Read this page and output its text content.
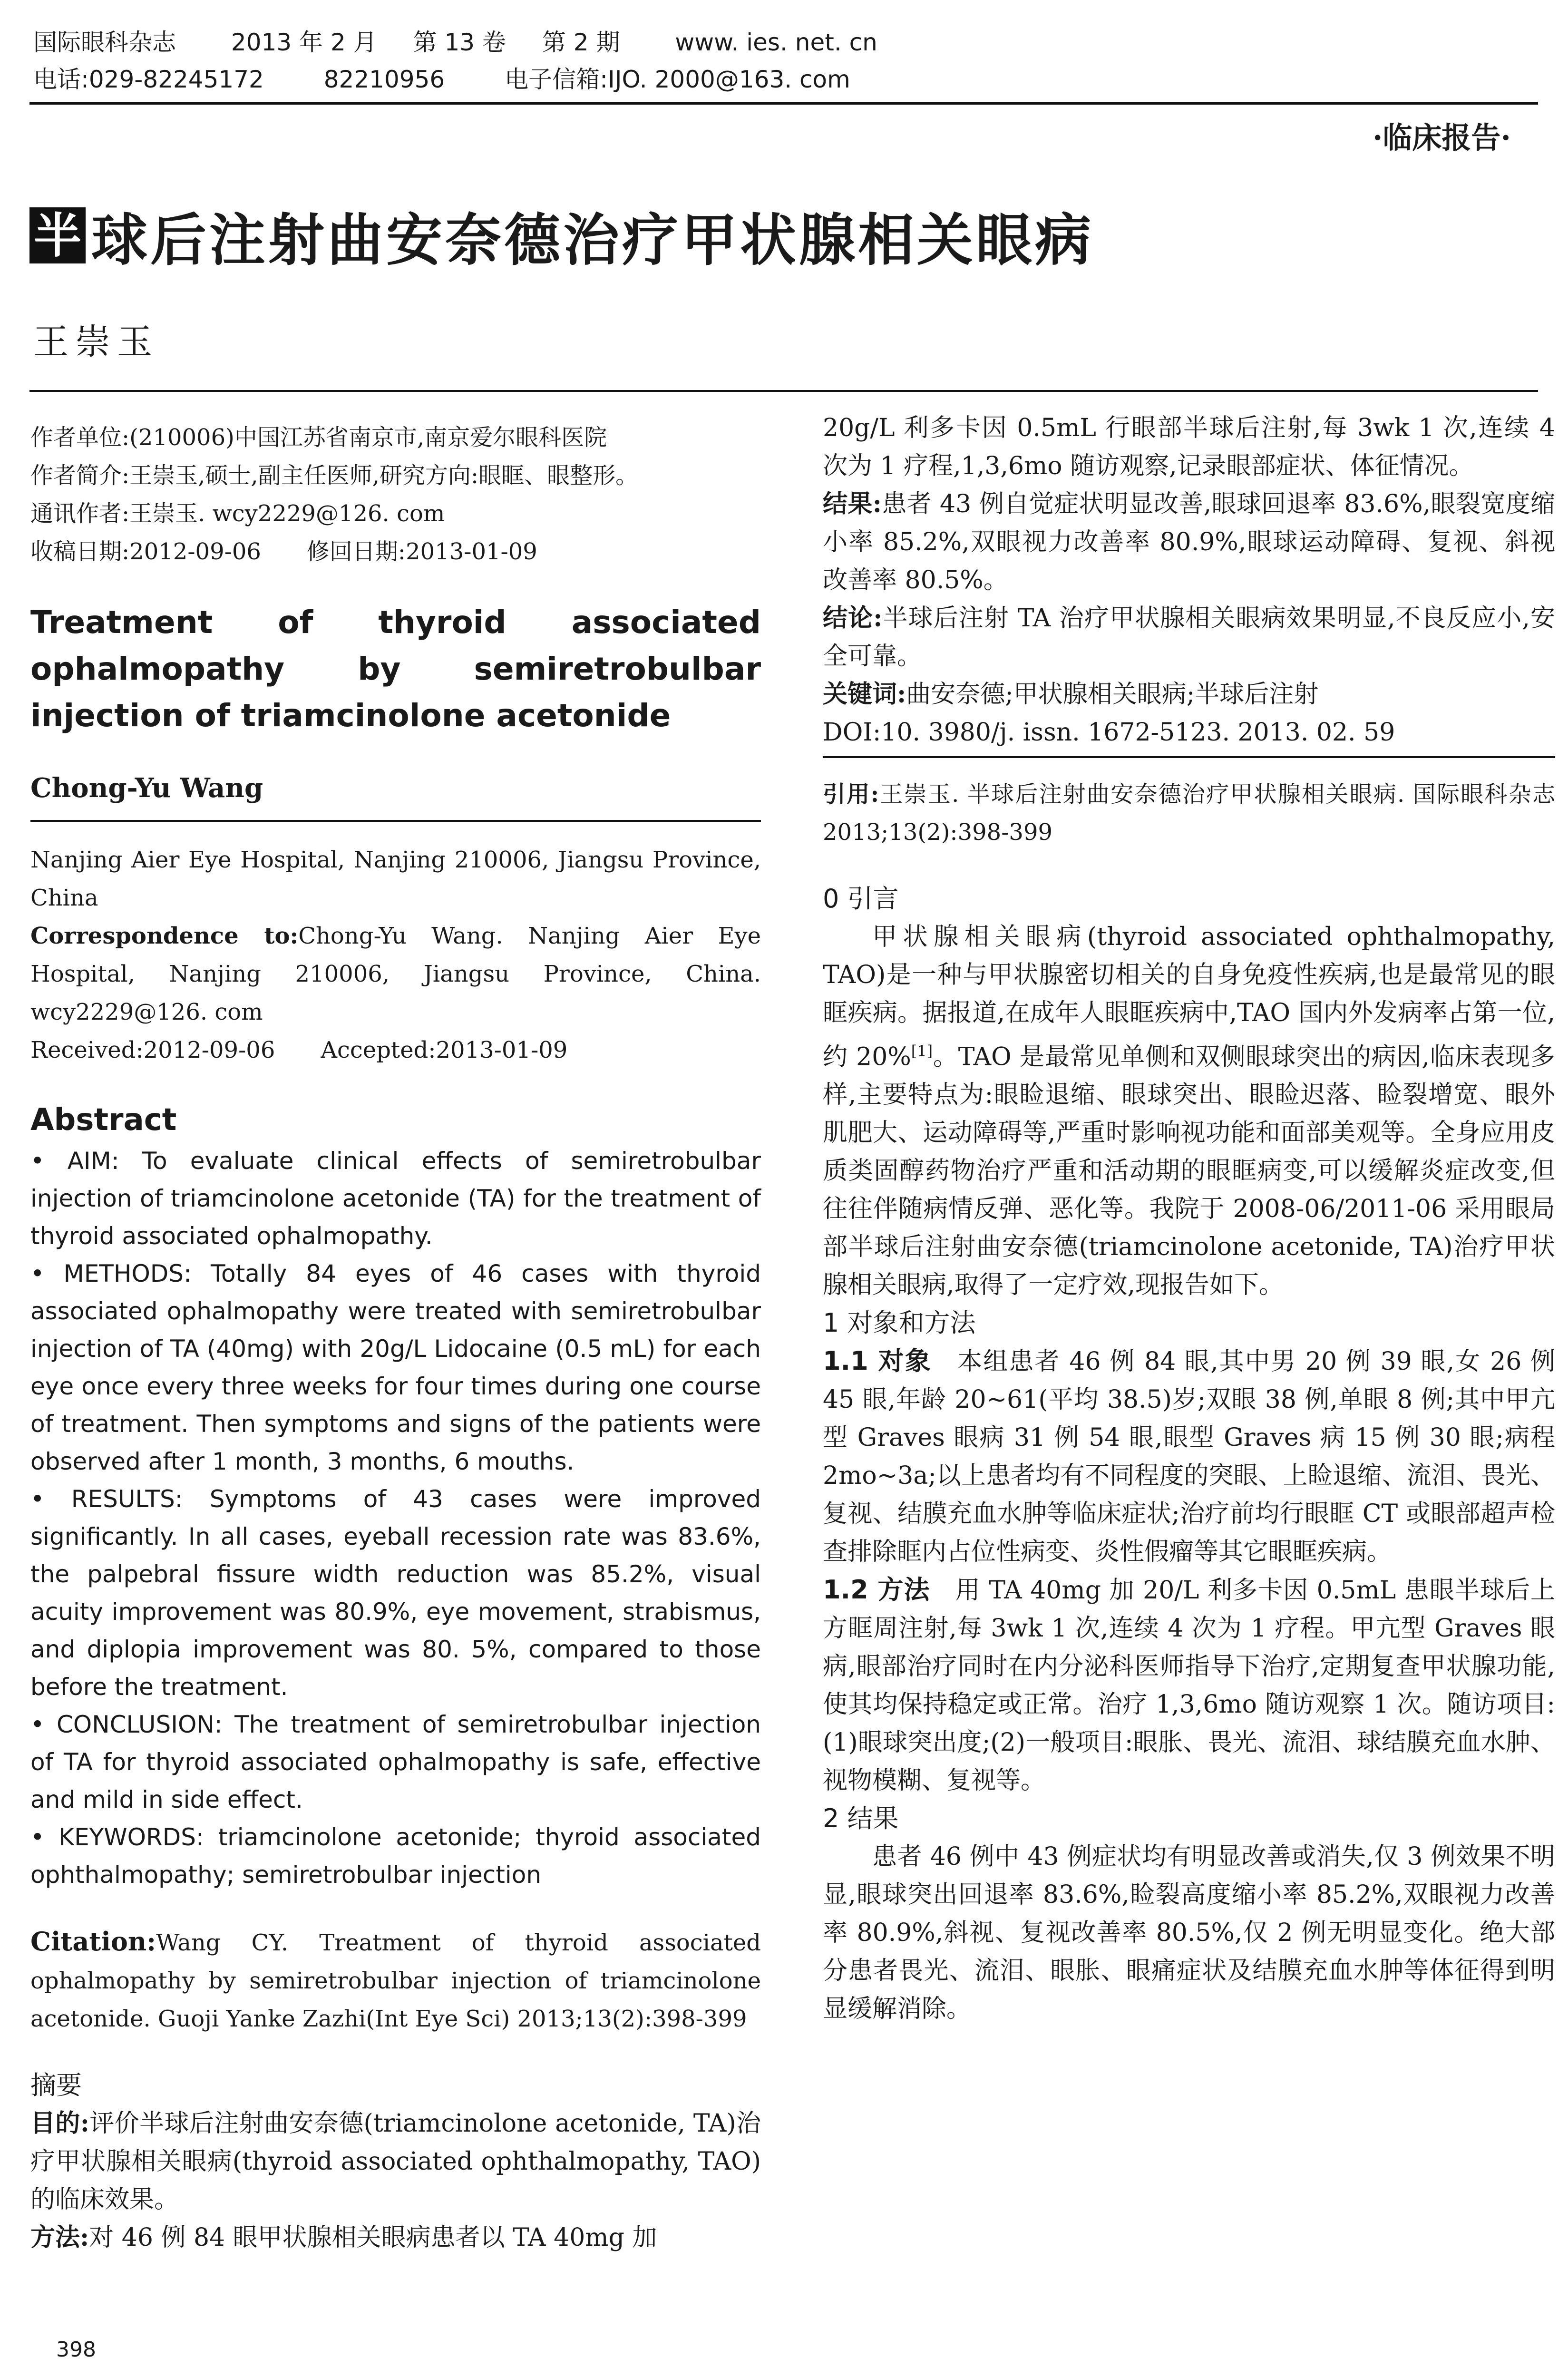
国际眼科杂志 2013 年 2 月 第 13 卷 第 2 期 www. ies. net. cn
电话:029-82245172	82210956	电子信箱:IJO. 2000@163. com
·临床报告·
半 球后注射曲安奈德治疗甲状腺相关眼病
王崇玉
作者单位:(210006)中国江苏省南京市,南京爱尔眼科医院
作者简介:王崇玉,硕士,副主任医师,研究方向:眼眶、眼整形。
通讯作者:王崇玉. wcy2229@126. com
收稿日期:2012-09-06　　修回日期:2013-01-09
Treatment of thyroid associated ophalmopathy by semiretrobulbar injection of triamcinolone acetonide
Chong-Yu Wang

Nanjing Aier Eye Hospital, Nanjing 210006, Jiangsu Province, China

Correspondence to:Chong-Yu Wang. Nanjing Aier Eye Hospital, Nanjing 210006, Jiangsu Province, China. wcy2229@126. com

Received:2012-09-06　　Accepted:2013-01-09
Abstract

• AIM: To evaluate clinical effects of semiretrobulbar injection of triamcinolone acetonide (TA) for the treatment of thyroid associated ophalmopathy.

• METHODS: Totally 84 eyes of 46 cases with thyroid associated ophalmopathy were treated with semiretrobulbar injection of TA (40mg) with 20g/L Lidocaine (0.5 mL) for each eye once every three weeks for four times during one course of treatment. Then symptoms and signs of the patients were observed after 1 month, 3 months, 6 mouths.

• RESULTS: Symptoms of 43 cases were improved significantly. In all cases, eyeball recession rate was 83.6%, the palpebral fissure width reduction was 85.2%, visual acuity improvement was 80.9%, eye movement, strabismus, and diplopia improvement was 80. 5%, compared to those before the treatment.

• CONCLUSION: The treatment of semiretrobulbar injection of TA for thyroid associated ophalmopathy is safe, effective and mild in side effect.

• KEYWORDS: triamcinolone acetonide; thyroid associated ophthalmopathy; semiretrobulbar injection

Citation:Wang CY. Treatment of thyroid associated ophalmopathy by semiretrobulbar injection of triamcinolone acetonide. Guoji Yanke Zazhi(Int Eye Sci) 2013;13(2):398-399

摘要

目的:评价半球后注射曲安奈德(triamcinolone acetonide, TA)治疗甲状腺相关眼病(thyroid associated ophthalmopathy, TAO)的临床效果。

方法:对 46 例 84 眼甲状腺相关眼病患者以 TA 40mg 加

20g/L 利多卡因 0.5mL 行眼部半球后注射,每 3wk 1 次,连续 4 次为 1 疗程,1,3,6mo 随访观察,记录眼部症状、体征情况。

结果:患者 43 例自觉症状明显改善,眼球回退率 83.6%,眼裂宽度缩小率 85.2%,双眼视力改善率 80.9%,眼球运动障碍、复视、斜视改善率 80.5%。

结论:半球后注射 TA 治疗甲状腺相关眼病效果明显,不良反应小,安全可靠。

关键词:曲安奈德;甲状腺相关眼病;半球后注射

DOI:10. 3980/j. issn. 1672-5123. 2013. 02. 59

引用:王崇玉. 半球后注射曲安奈德治疗甲状腺相关眼病. 国际眼科杂志 2013;13(2):398-399

0 引言

甲状腺相关眼病(thyroid associated ophthalmopathy, TAO)是一种与甲状腺密切相关的自身免疫性疾病,也是最常见的眼眶疾病。据报道,在成年人眼眶疾病中,TAO 国内外发病率占第一位,约 20%[1]。TAO 是最常见单侧和双侧眼球突出的病因,临床表现多样,主要特点为:眼睑退缩、眼球突出、眼睑迟落、睑裂增宽、眼外肌肥大、运动障碍等,严重时影响视功能和面部美观等。全身应用皮质类固醇药物治疗严重和活动期的眼眶病变,可以缓解炎症改变,但往往伴随病情反弹、恶化等。我院于 2008-06/2011-06 采用眼局部半球后注射曲安奈德(triamcinolone acetonide, TA)治疗甲状腺相关眼病,取得了一定疗效,现报告如下。

1 对象和方法

1.1 对象　 本组患者 46 例 84 眼,其中男 20 例 39 眼,女 26 例 45 眼,年龄 20~61(平均 38.5)岁;双眼 38 例,单眼 8 例;其中甲亢型 Graves 眼病 31 例 54 眼,眼型 Graves 病 15 例 30 眼;病程 2mo~3a;以上患者均有不同程度的突眼、上睑退缩、流泪、畏光、复视、结膜充血水肿等临床症状;治疗前均行眼眶 CT 或眼部超声检查排除眶内占位性病变、炎性假瘤等其它眼眶疾病。

1.2 方法　 用 TA 40mg 加 20/L 利多卡因 0.5mL 患眼半球后上方眶周注射,每 3wk 1 次,连续 4 次为 1 疗程。甲亢型 Graves 眼病,眼部治疗同时在内分泌科医师指导下治疗,定期复查甲状腺功能,使其均保持稳定或正常。治疗 1,3,6mo 随访观察 1 次。随访项目:(1)眼球突出度;(2)一般项目:眼胀、畏光、流泪、球结膜充血水肿、视物模糊、复视等。

2 结果

患者 46 例中 43 例症状均有明显改善或消失,仅 3 例效果不明显,眼球突出回退率 83.6%,睑裂高度缩小率 85.2%,双眼视力改善率 80.9%,斜视、复视改善率 80.5%,仅 2 例无明显变化。绝大部分患者畏光、流泪、眼胀、眼痛症状及结膜充血水肿等体征得到明显缓解消除。

398
